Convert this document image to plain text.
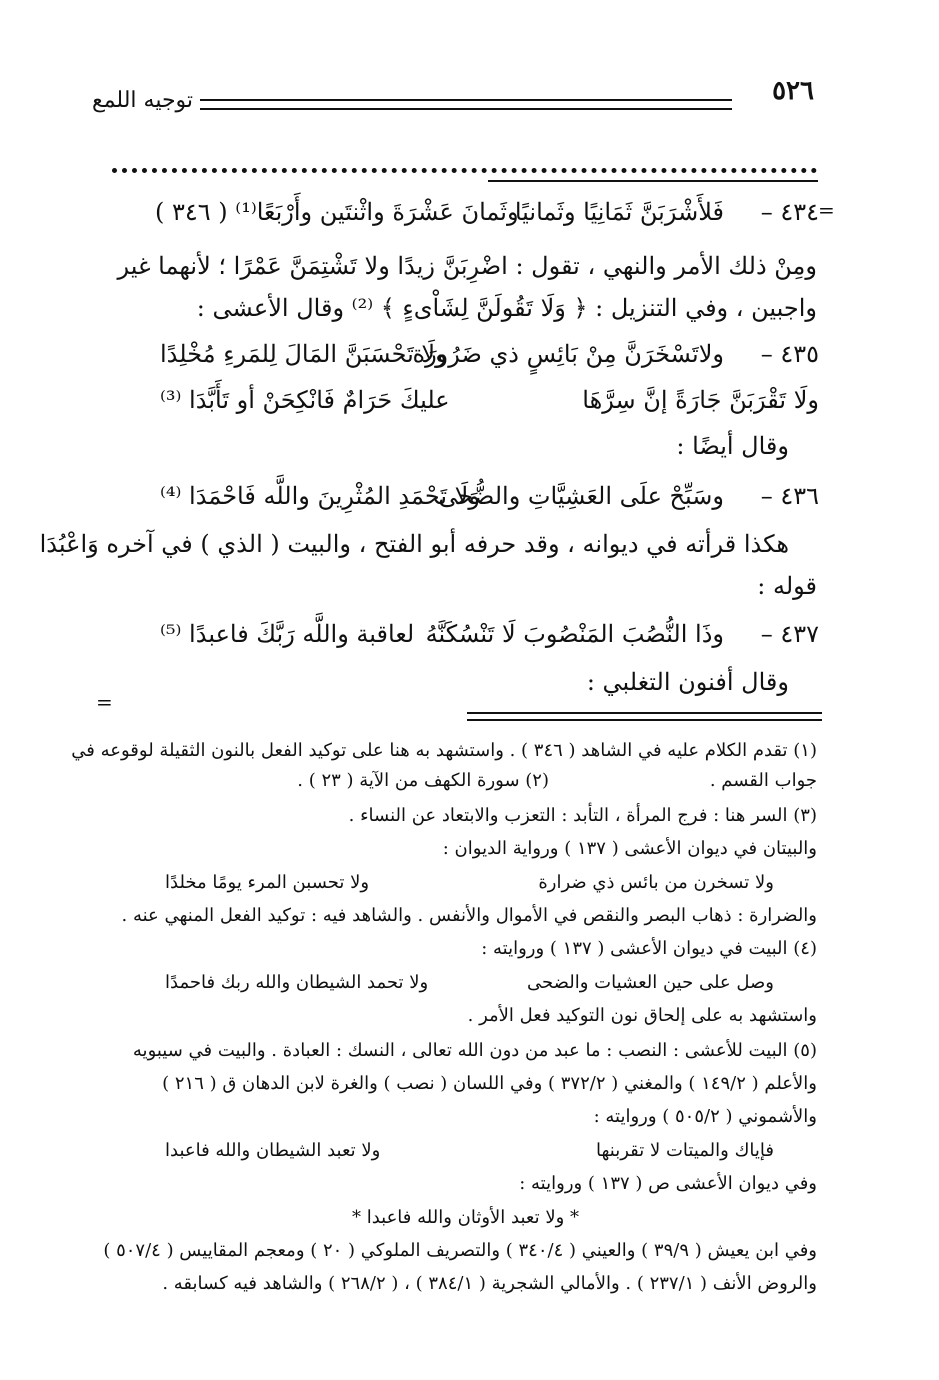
٥٢٦
توجيه اللمع
=
٤٣٤ –
فَلأَشْرَبَنَّ ثَمَانِيًا وثَمانيًا
وثَمانَ عَشْرَةَ واثْنتَين وأَرْبَعًا⁽¹⁾ ( ٣٤٦ )
ومِنْ ذلك الأمر والنهي ، تقول : اضْرِبَنَّ زيدًا ولا تَشْتِمَنَّ عَمْرًا ؛ لأنهما غير
واجبين ، وفي التنزيل : ﴿ وَلَا تَقُولَنَّ لِشَاْىءٍ ﴾ ⁽²⁾ وقال الأعشى :
٤٣٥ –
ولاتَسْخَرَنَّ مِنْ بَائِسٍ ذي ضَرُورَة
ولَا تَحْسَبَنَّ المَالَ لِلمَرءِ مُخْلِدًا
ولَا تَقْرَبَنَّ جَارَةً إنَّ سِرَّهَا
عليكَ حَرَامٌ فَانْكِحَنْ أو تَأَبَّدَا ⁽³⁾
وقال أيضًا :
٤٣٦ –
وسَبِّحْ علَى العَشِيَّاتِ والضُّحى
وَلَا تَحْمَدِ المُثْرِينَ واللَّه فَاحْمَدَا ⁽⁴⁾
هكذا قرأته في ديوانه ، وقد حرفه أبو الفتح ، والبيت ( الذي ) في آخره وَاعْبُدَا
قوله :
٤٣٧ –
وذَا النُّصُبَ المَنْصُوبَ لَا تَنْسُكَنَّهُ
لعاقبة واللَّه رَبَّكَ فاعبدًا ⁽⁵⁾
وقال أفنون التغلبي :
=
(١) تقدم الكلام عليه في الشاهد ( ٣٤٦ ) . واستشهد به هنا على توكيد الفعل بالنون الثقيلة لوقوعه في
جواب القسم .
(٢) سورة الكهف من الآية ( ٢٣ ) .
(٣) السر هنا : فرج المرأة ، التأبد : التعزب والابتعاد عن النساء .
والبيتان في ديوان الأعشى ( ١٣٧ ) ورواية الديوان :
ولا تسخرن من بائس ذي ضرارة
ولا تحسبن المرء يومًا مخلدًا
والضرارة : ذهاب البصر والنقص في الأموال والأنفس . والشاهد فيه : توكيد الفعل المنهي عنه .
(٤) البيت في ديوان الأعشى ( ١٣٧ ) وروايته :
وصل على حين العشيات والضحى
ولا تحمد الشيطان والله ربك فاحمدًا
واستشهد به على إلحاق نون التوكيد فعل الأمر .
(٥) البيت للأعشى : النصب : ما عبد من دون الله تعالى ، النسك : العبادة . والبيت في سيبويه
والأعلم ( ١٤٩/٢ ) والمغني ( ٣٧٢/٢ ) وفي اللسان ( نصب ) والغرة لابن الدهان ق ( ٢١٦ )
والأشموني ( ٥٠٥/٢ ) وروايته :
فإياك والميتات لا تقربنها
ولا تعبد الشيطان والله فاعبدا
وفي ديوان الأعشى ص ( ١٣٧ ) وروايته :
* ولا تعبد الأوثان والله فاعبدا *
وفي ابن يعيش ( ٣٩/٩ ) والعيني ( ٣٤٠/٤ ) والتصريف الملوكي ( ٢٠ ) ومعجم المقاييس ( ٥٠٧/٤ )
والروض الأنف ( ٢٣٧/١ ) . والأمالي الشجرية ( ٣٨٤/١ ) ، ( ٢٦٨/٢ ) والشاهد فيه كسابقه .
